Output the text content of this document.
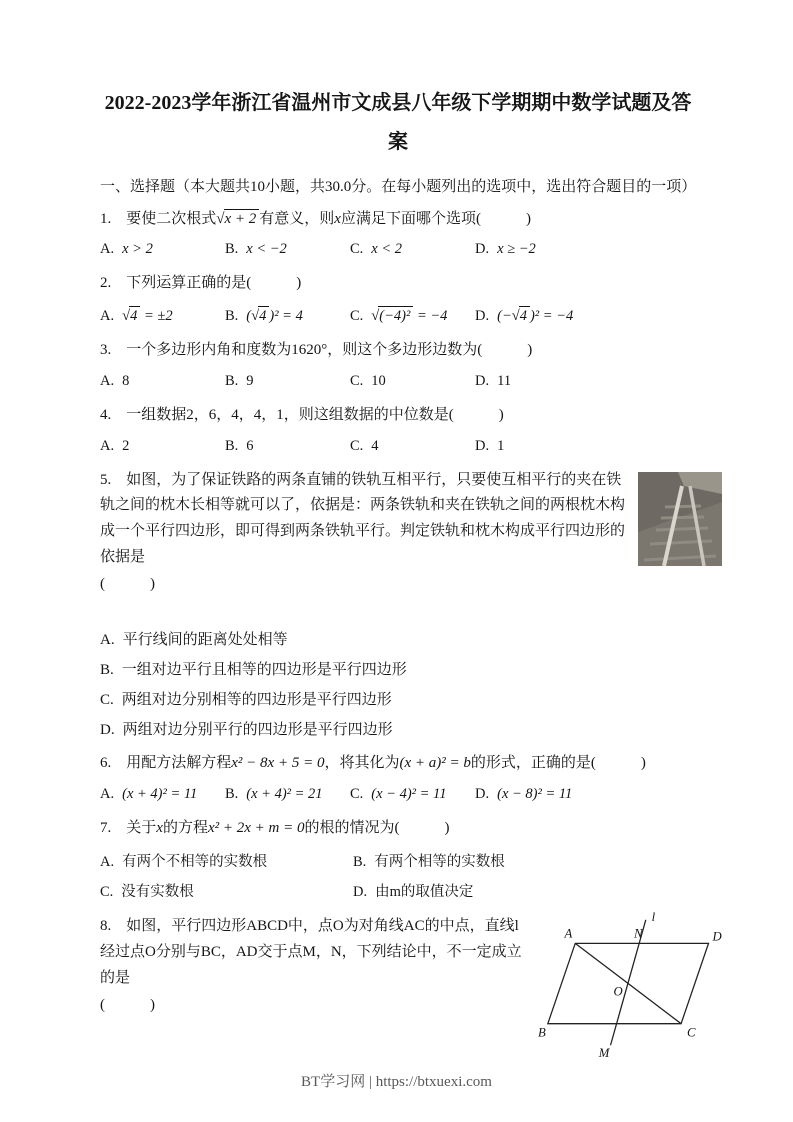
2022-2023学年浙江省温州市文成县八年级下学期期中数学试题及答案

一、选择题（本大题共10小题，共30.0分。在每小题列出的选项中，选出符合题目的一项）

1. 要使二次根式√x + 2 有意义，则x应满足下面哪个选项(　　　)
A. x > 2	B. x < −2	C. x < 2	D. x ≥ −2
2. 下列运算正确的是(　　　)
A. √4 = ±2	B. (√4 )² = 4	C. √(−4)² = −4	D. (−√4 )² = −4
3. 一个多边形内角和度数为1620°，则这个多边形边数为(　　　)
A. 8	B. 9	C. 10	D. 11
4. 一组数据2，6，4，4，1，则这组数据的中位数是(　　　)
A. 2	B. 6	C. 4	D. 1
5. 如图，为了保证铁路的两条直铺的铁轨互相平行，只要使互相平行的夹在铁轨之间的枕木长相等就可以了，依据是：两条铁轨和夹在铁轨之间的两根枕木构成一个平行四边形，即可得到两条铁轨平行。判定铁轨和枕木构成平行四边形的依据是
(　　　)
A. 平行线间的距离处处相等
B. 一组对边平行且相等的四边形是平行四边形
C. 两组对边分别相等的四边形是平行四边形
D. 两组对边分别平行的四边形是平行四边形
6. 用配方法解方程x² − 8x + 5 = 0，将其化为(x + a)² = b的形式，正确的是(　　　)
A. (x + 4)² = 11	B. (x + 4)² = 21	C. (x − 4)² = 11	D. (x − 8)² = 11
7. 关于x的方程x² + 2x + m = 0的根的情况为(　　　)
A. 有两个不相等的实数根	B. 有两个相等的实数根
C. 没有实数根	D. 由m的取值决定
A	N
l
D
O
B	C
M
8. 如图，平行四边形ABCD中，点O为对角线AC的中点，直线l经过点O分别与BC，AD交于点M，N，下列结论中，不一定成立的是
(　　　)
BT学习网 | https://btxuexi.com
